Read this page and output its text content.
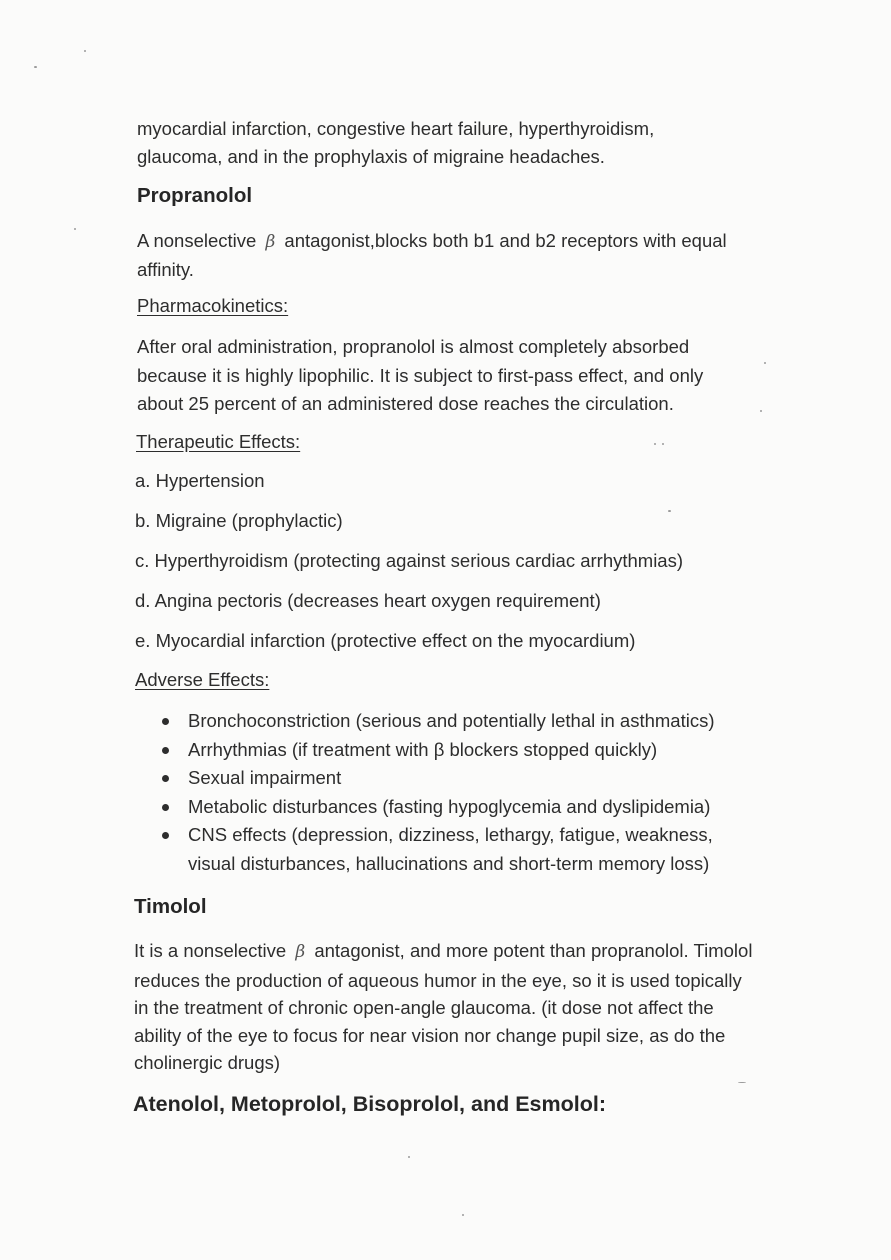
myocardial infarction, congestive heart failure, hyperthyroidism, glaucoma, and in the prophylaxis of migraine headaches.

Propranolol

A nonselective β antagonist,blocks both b1 and b2 receptors with equal affinity.

Pharmacokinetics:

After oral administration, propranolol is almost completely absorbed because it is highly lipophilic. It is subject to first-pass effect, and only about 25 percent of an administered dose reaches the circulation.

Therapeutic Effects:
a. Hypertension
b. Migraine (prophylactic)
c. Hyperthyroidism (protecting against serious cardiac arrhythmias)
d. Angina pectoris (decreases heart oxygen requirement)
e. Myocardial infarction (protective effect on the myocardium)
Adverse Effects:
Bronchoconstriction (serious and potentially lethal in asthmatics)
Arrhythmias (if treatment with β blockers stopped quickly)
Sexual impairment
Metabolic disturbances (fasting hypoglycemia and dyslipidemia)
CNS effects (depression, dizziness, lethargy, fatigue, weakness, visual disturbances, hallucinations and short-term memory loss)
Timolol

It is a nonselective β antagonist, and more potent than propranolol. Timolol reduces the production of aqueous humor in the eye, so it is used topically in the treatment of chronic open-angle glaucoma. (it dose not affect the ability of the eye to focus for near vision nor change pupil size, as do the cholinergic drugs)

Atenolol, Metoprolol, Bisoprolol, and Esmolol:
